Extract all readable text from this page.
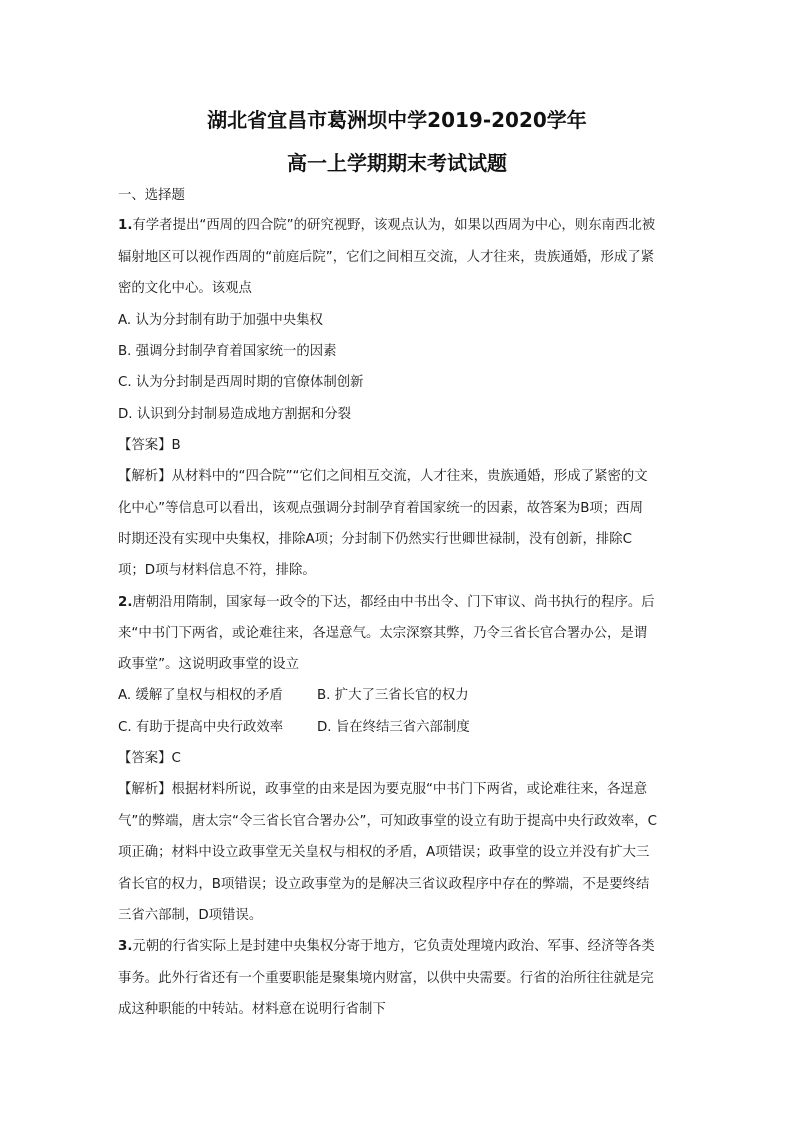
湖北省宜昌市葛洲坝中学2019-2020学年
高一上学期期末考试试题
一、选择题
1.有学者提出“西周的四合院”的研究视野，该观点认为，如果以西周为中心，则东南西北被
辐射地区可以视作西周的“前庭后院”，它们之间相互交流，人才往来，贵族通婚，形成了紧
密的文化中心。该观点
A. 认为分封制有助于加强中央集权
B. 强调分封制孕育着国家统一的因素
C. 认为分封制是西周时期的官僚体制创新
D. 认识到分封制易造成地方割据和分裂
【答案】B
【解析】从材料中的“四合院”“它们之间相互交流，人才往来，贵族通婚，形成了紧密的文
化中心”等信息可以看出，该观点强调分封制孕育着国家统一的因素，故答案为B项；西周
时期还没有实现中央集权，排除A项；分封制下仍然实行世卿世禄制，没有创新，排除C
项；D项与材料信息不符，排除。
2.唐朝沿用隋制，国家每一政令的下达，都经由中书出令、门下审议、尚书执行的程序。后
来“中书门下两省，或论难往来，各逞意气。太宗深察其弊，乃令三省长官合署办公，是谓
政事堂”。这说明政事堂的设立
A. 缓解了皇权与相权的矛盾	B. 扩大了三省长官的权力
C. 有助于提高中央行政效率	D. 旨在终结三省六部制度
【答案】C
【解析】根据材料所说，政事堂的由来是因为要克服“中书门下两省，或论难往来，各逞意
气”的弊端，唐太宗“令三省长官合署办公”，可知政事堂的设立有助于提高中央行政效率，C
项正确；材料中设立政事堂无关皇权与相权的矛盾，A项错误；政事堂的设立并没有扩大三
省长官的权力，B项错误；设立政事堂为的是解决三省议政程序中存在的弊端，不是要终结
三省六部制，D项错误。
3.元朝的行省实际上是封建中央集权分寄于地方，它负责处理境内政治、军事、经济等各类
事务。此外行省还有一个重要职能是聚集境内财富，以供中央需要。行省的治所往往就是完
成这种职能的中转站。材料意在说明行省制下
